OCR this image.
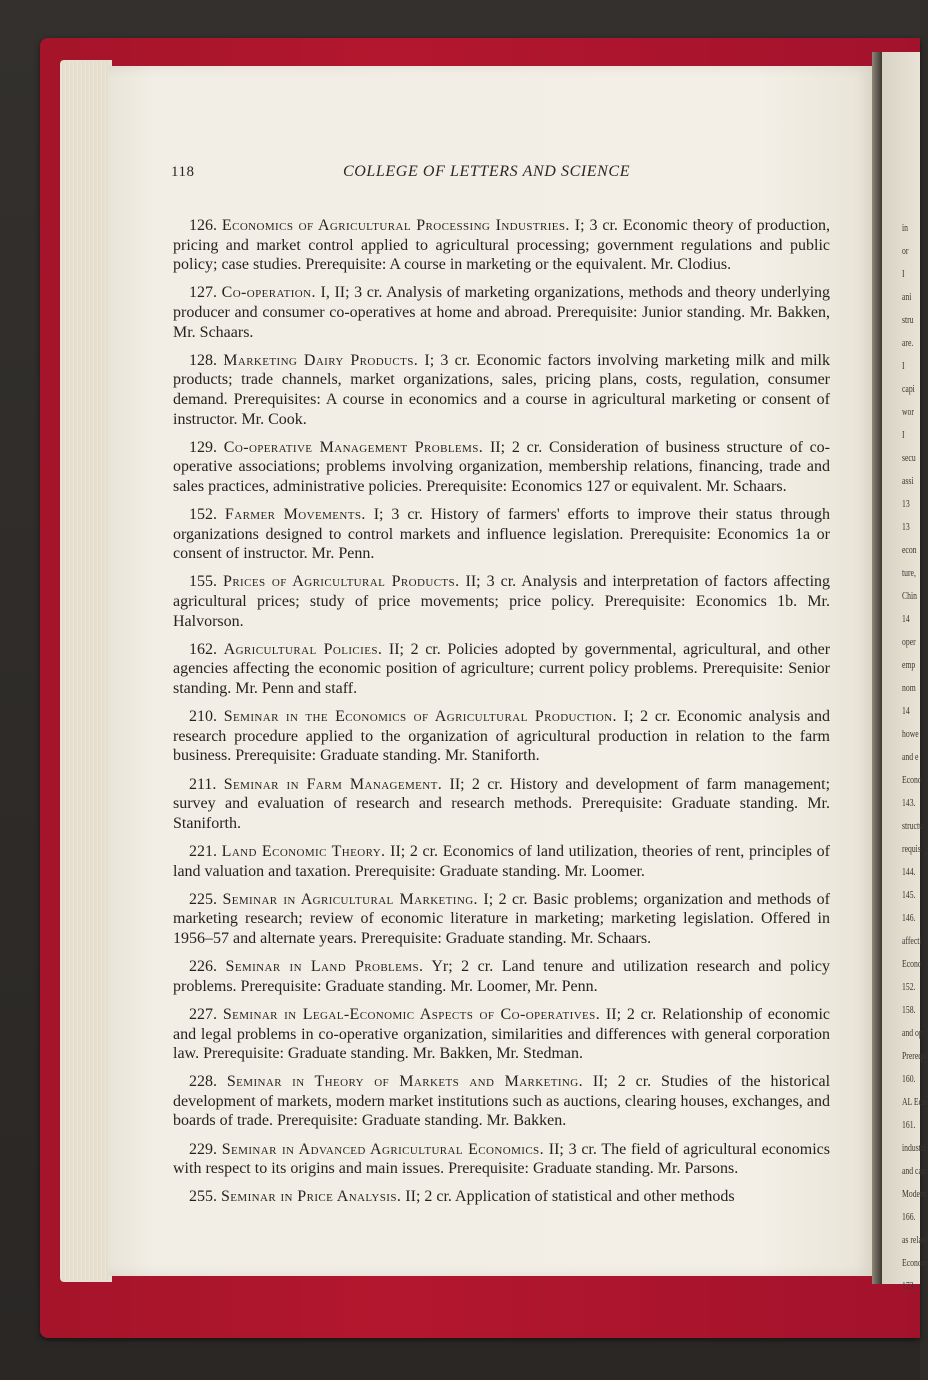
in
or
I
ani
stru
are.
I
capi
wor
I
secu
assi
13
13
econ
ture,
Chin
14
oper
emp
nom
14
howe
and e
Econo
143.
structu
requis
144.
145.
146.
affecti
Econo
152.
158.
and op
Prerequ
160.
AL Eco
161.
industri
and cap
Modern
166.
as relate
Econom
173.
118	COLLEGE OF LETTERS AND SCIENCE

126. Economics of Agricultural Processing Industries. I; 3 cr. Economic theory of production, pricing and market control applied to agricultural processing; government regulations and public policy; case studies. Prerequisite: A course in marketing or the equivalent. Mr. Clodius.

127. Co-operation. I, II; 3 cr. Analysis of marketing organizations, methods and theory underlying producer and consumer co-operatives at home and abroad. Prerequisite: Junior standing. Mr. Bakken, Mr. Schaars.

128. Marketing Dairy Products. I; 3 cr. Economic factors involving marketing milk and milk products; trade channels, market organizations, sales, pricing plans, costs, regulation, consumer demand. Prerequisites: A course in economics and a course in agricultural marketing or consent of instructor. Mr. Cook.

129. Co-operative Management Problems. II; 2 cr. Consideration of business structure of co-operative associations; problems involving organization, membership relations, financing, trade and sales practices, administrative policies. Prerequisite: Economics 127 or equivalent. Mr. Schaars.

152. Farmer Movements. I; 3 cr. History of farmers' efforts to improve their status through organizations designed to control markets and influence legislation. Prerequisite: Economics 1a or consent of instructor. Mr. Penn.

155. Prices of Agricultural Products. II; 3 cr. Analysis and interpretation of factors affecting agricultural prices; study of price movements; price policy. Prerequisite: Economics 1b. Mr. Halvorson.

162. Agricultural Policies. II; 2 cr. Policies adopted by governmental, agricultural, and other agencies affecting the economic position of agriculture; current policy problems. Prerequisite: Senior standing. Mr. Penn and staff.

210. Seminar in the Economics of Agricultural Production. I; 2 cr. Economic analysis and research procedure applied to the organization of agricultural production in relation to the farm business. Prerequisite: Graduate standing. Mr. Staniforth.

211. Seminar in Farm Management. II; 2 cr. History and development of farm management; survey and evaluation of research and research methods. Prerequisite: Graduate standing. Mr. Staniforth.

221. Land Economic Theory. II; 2 cr. Economics of land utilization, theories of rent, principles of land valuation and taxation. Prerequisite: Graduate standing. Mr. Loomer.

225. Seminar in Agricultural Marketing. I; 2 cr. Basic problems; organization and methods of marketing research; review of economic literature in marketing; marketing legislation. Offered in 1956–57 and alternate years. Prerequisite: Graduate standing. Mr. Schaars.

226. Seminar in Land Problems. Yr; 2 cr. Land tenure and utilization research and policy problems. Prerequisite: Graduate standing. Mr. Loomer, Mr. Penn.

227. Seminar in Legal-Economic Aspects of Co-operatives. II; 2 cr. Relationship of economic and legal problems in co-operative organization, similarities and differences with general corporation law. Prerequisite: Graduate standing. Mr. Bakken, Mr. Stedman.

228. Seminar in Theory of Markets and Marketing. II; 2 cr. Studies of the historical development of markets, modern market institutions such as auctions, clearing houses, exchanges, and boards of trade. Prerequisite: Graduate standing. Mr. Bakken.

229. Seminar in Advanced Agricultural Economics. II; 3 cr. The field of agricultural economics with respect to its origins and main issues. Prerequisite: Graduate standing. Mr. Parsons.

255. Seminar in Price Analysis. II; 2 cr. Application of statistical and other methods
